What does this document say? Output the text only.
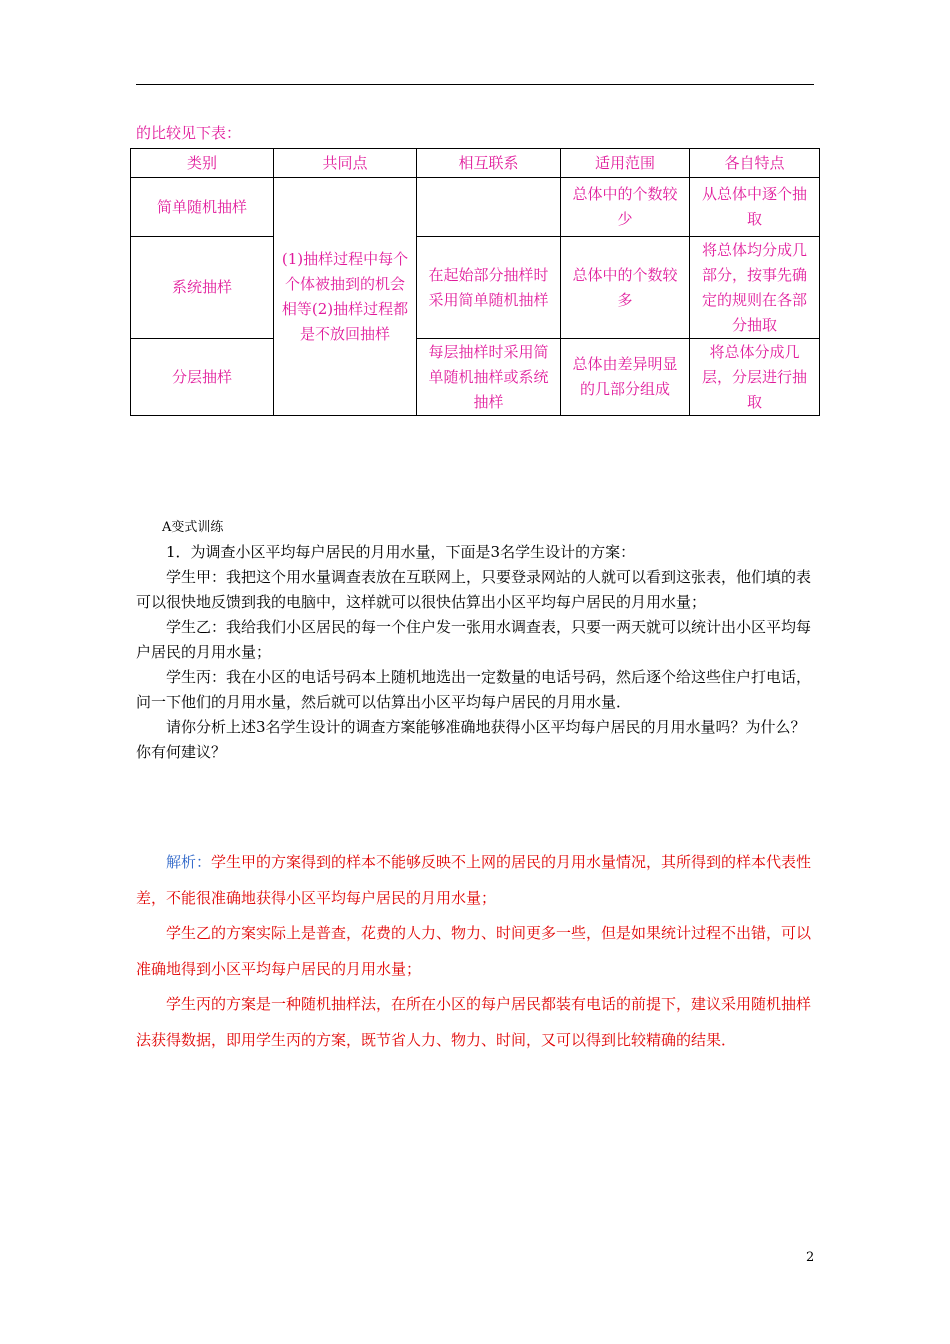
的比较见下表：
类别	共同点	相互联系	适用范围	各自特点
简单随机抽样	(1)抽样过程中每个个体被抽到的机会相等(2)抽样过程都是不放回抽样		总体中的个数较少	从总体中逐个抽取
系统抽样		在起始部分抽样时采用简单随机抽样	总体中的个数较多	将总体均分成几部分，按事先确定的规则在各部分抽取
分层抽样		每层抽样时采用简单随机抽样或系统抽样	总体由差异明显的几部分组成	将总体分成几层，分层进行抽取

A变式训练

1．为调查小区平均每户居民的月用水量，下面是3名学生设计的方案：

学生甲：我把这个用水量调查表放在互联网上，只要登录网站的人就可以看到这张表，他们填的表可以很快地反馈到我的电脑中，这样就可以很快估算出小区平均每户居民的月用水量；

学生乙：我给我们小区居民的每一个住户发一张用水调查表，只要一两天就可以统计出小区平均每户居民的月用水量；

学生丙：我在小区的电话号码本上随机地选出一定数量的电话号码，然后逐个给这些住户打电话，问一下他们的月用水量，然后就可以估算出小区平均每户居民的月用水量．

请你分析上述3名学生设计的调查方案能够准确地获得小区平均每户居民的月用水量吗？为什么？你有何建议？

解析：学生甲的方案得到的样本不能够反映不上网的居民的月用水量情况，其所得到的样本代表性差，不能很准确地获得小区平均每户居民的月用水量；

学生乙的方案实际上是普查，花费的人力、物力、时间更多一些，但是如果统计过程不出错，可以准确地得到小区平均每户居民的月用水量；

学生丙的方案是一种随机抽样法，在所在小区的每户居民都装有电话的前提下，建议采用随机抽样法获得数据，即用学生丙的方案，既节省人力、物力、时间，又可以得到比较精确的结果．

2
